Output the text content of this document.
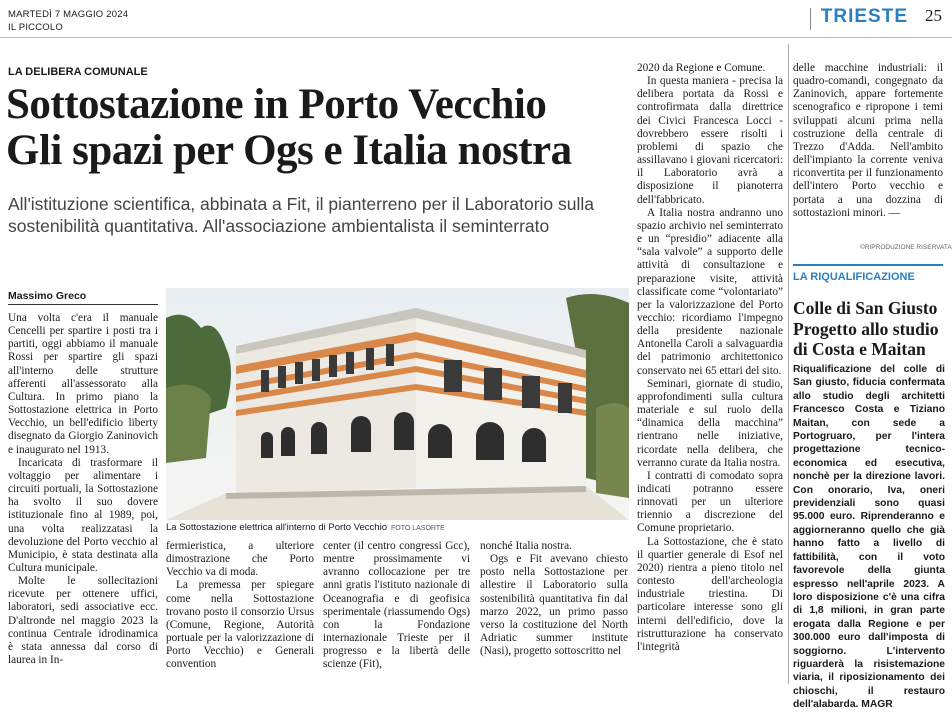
MARTEDÌ 7 MAGGIO 2024
IL PICCOLO
TRIESTE 25
LA DELIBERA COMUNALE
Sottostazione in Porto Vecchio
Gli spazi per Ogs e Italia nostra
All'istituzione scientifica, abbinata a Fit, il pianterreno per il Laboratorio sulla sostenibilità quantitativa. All'associazione ambientalista il seminterrato
Massimo Greco

Una volta c'era il manuale Cencelli per spartire i posti tra i partiti, oggi abbiamo il manuale Rossi per spartire gli spazi all'interno delle strutture afferenti all'assessorato alla Cultura. In primo piano la Sottostazione elettrica in Porto Vecchio, un bell'edificio liberty disegnato da Giorgio Zaninovich e inaugurato nel 1913.

Incaricata di trasformare il voltaggio per alimentare i circuiti portuali, la Sottostazione ha svolto il suo dovere istituzionale fino al 1989, poi, una volta realizzatasi la devoluzione del Porto vecchio al Municipio, è stata destinata alla Cultura municipale.

Molte le sollecitazioni ricevute per ottenere uffici, laboratori, sedi associative ecc. D'altronde nel maggio 2023 la continua Centrale idrodinamica è stata annessa dal corso di laurea in In-

La Sottostazione elettrica all'interno di Porto Vecchio FOTO LASORTE

fermieristica, a ulteriore dimostrazione che Porto Vecchio va di moda.

La premessa per spiegare come nella Sottostazione trovano posto il consorzio Ursus (Comune, Regione, Autorità portuale per la valorizzazione di Porto Vecchio) e Generali convention

center (il centro congressi Gcc), mentre prossimamente vi avranno collocazione per tre anni gratis l'istituto nazionale di Oceanografia e di geofisica sperimentale (riassumendo Ogs) con la Fondazione internazionale Trieste per il progresso e la libertà delle scienze (Fit),

nonché Italia nostra.

Ogs e Fit avevano chiesto posto nella Sottostazione per allestire il Laboratorio sulla sostenibilità quantitativa fin dal marzo 2022, un primo passo verso la costituzione del North Adriatic summer institute (Nasi), progetto sottoscritto nel

2020 da Regione e Comune.

In questa maniera - precisa la delibera portata da Rossi e controfirmata dalla direttrice dei Civici Francesca Locci - dovrebbero essere risolti i problemi di spazio che assillavano i giovani ricercatori: il Laboratorio avrà a disposizione il pianoterra dell'fabbricato.

A Italia nostra andranno uno spazio archivio nel seminterrato e un “presidio” adiacente alla “sala valvole” a supporto delle attività di consultazione e preparazione visite, attività classificate come “volontariato” per la valorizzazione del Porto vecchio: ricordiamo l'impegno della presidente nazionale Antonella Caroli a salvaguardia del patrimonio architettonico conservato nei 65 ettari del sito.

Seminari, giornate di studio, approfondimenti sulla cultura materiale e sul ruolo della “dinamica della macchina” rientrano nelle iniziative, ricordate nella delibera, che verranno curate da Italia nostra.

I contratti di comodato sopra indicati potranno essere rinnovati per un ulteriore triennio a discrezione del Comune proprietario.

La Sottostazione, che è stato il quartier generale di Esof nel 2020) rientra a pieno titolo nel contesto dell'archeologia industriale triestina. Di particolare interesse sono gli interni dell'edificio, dove la ristrutturazione ha conservato l'integrità

delle macchine industriali: il quadro-comandi, congegnato da Zaninovich, appare fortemente scenografico e ripropone i temi sviluppati alcuni prima nella costruzione della centrale di Trezzo d'Adda. Nell'ambito dell'impianto la corrente veniva riconvertita per il funzionamento dell'intero Porto vecchio e portata a una dozzina di sottostazioni minori. —

©RIPRODUZIONE RISERVATA
LA RIQUALIFICAZIONE
Colle di San Giusto Progetto allo studio di Costa e Maitan

Riqualificazione del colle di San giusto, fiducia confermata allo studio degli architetti Francesco Costa e Tiziano Maitan, con sede a Portogruaro, per l'intera progettazione tecnico-economica ed esecutiva, nonchè per la direzione lavori. Con onorario, Iva, oneri previdenziali sono quasi 95.000 euro. Riprenderanno e aggiorneranno quello che già hanno fatto a livello di fattibilità, con il voto favorevole della giunta espresso nell'aprile 2023. A loro disposizione c'è una cifra di 1,8 milioni, in gran parte erogata dalla Regione e per 300.000 euro dall'imposta di soggiorno. L'intervento riguarderà la risistemazione viaria, il riposizionamento dei chioschi, il restauro dell'alabarda. MAGR
